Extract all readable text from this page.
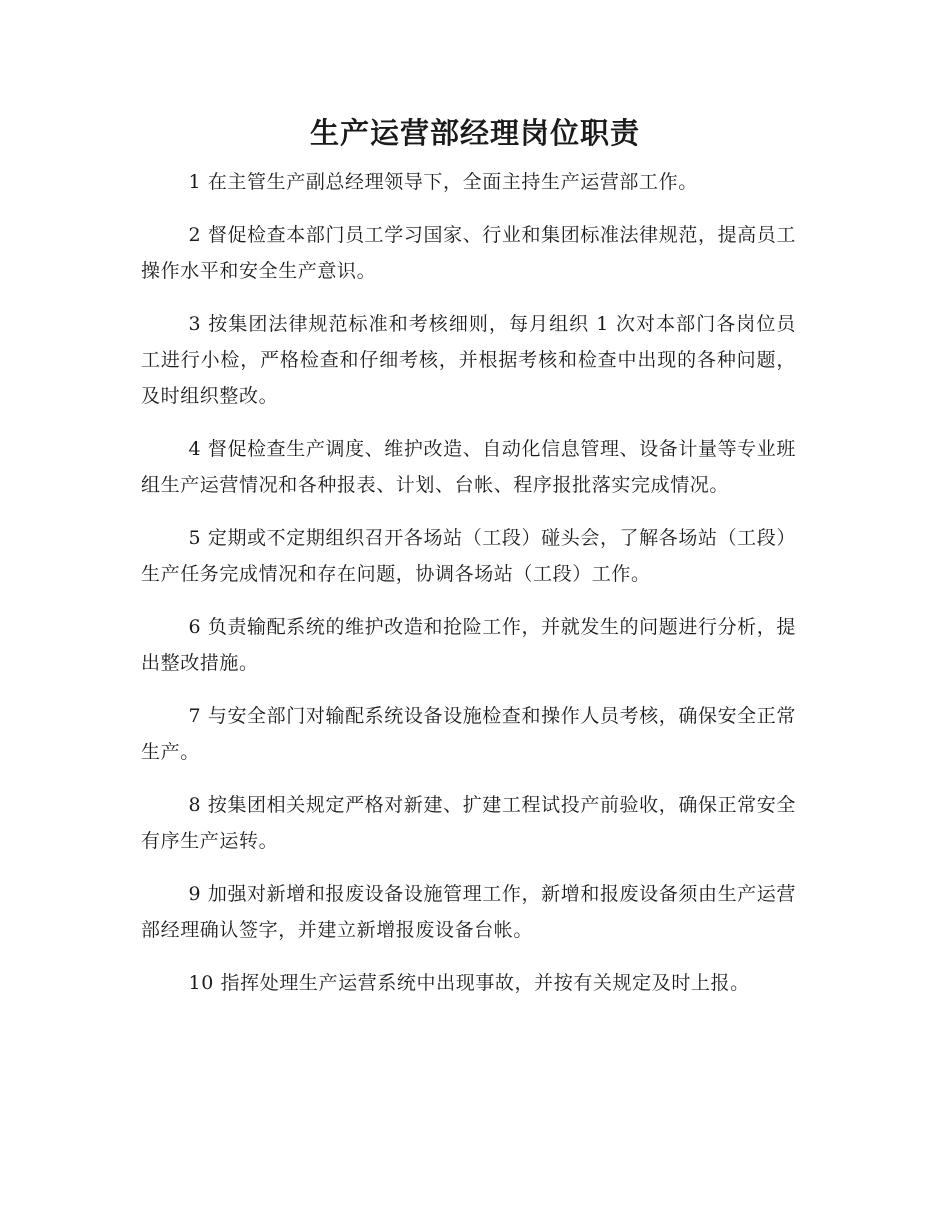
生产运营部经理岗位职责

1 在主管生产副总经理领导下，全面主持生产运营部工作。

2 督促检查本部门员工学习国家、行业和集团标准法律规范，提高员工操作水平和安全生产意识。

3 按集团法律规范标准和考核细则，每月组织 1 次对本部门各岗位员工进行小检，严格检查和仔细考核，并根据考核和检查中出现的各种问题，及时组织整改。

4 督促检查生产调度、维护改造、自动化信息管理、设备计量等专业班组生产运营情况和各种报表、计划、台帐、程序报批落实完成情况。

5 定期或不定期组织召开各场站（工段）碰头会，了解各场站（工段）生产任务完成情况和存在问题，协调各场站（工段）工作。

6 负责输配系统的维护改造和抢险工作，并就发生的问题进行分析，提出整改措施。

7 与安全部门对输配系统设备设施检查和操作人员考核，确保安全正常生产。

8 按集团相关规定严格对新建、扩建工程试投产前验收，确保正常安全有序生产运转。

9 加强对新增和报废设备设施管理工作，新增和报废设备须由生产运营部经理确认签字，并建立新增报废设备台帐。

10 指挥处理生产运营系统中出现事故，并按有关规定及时上报。
